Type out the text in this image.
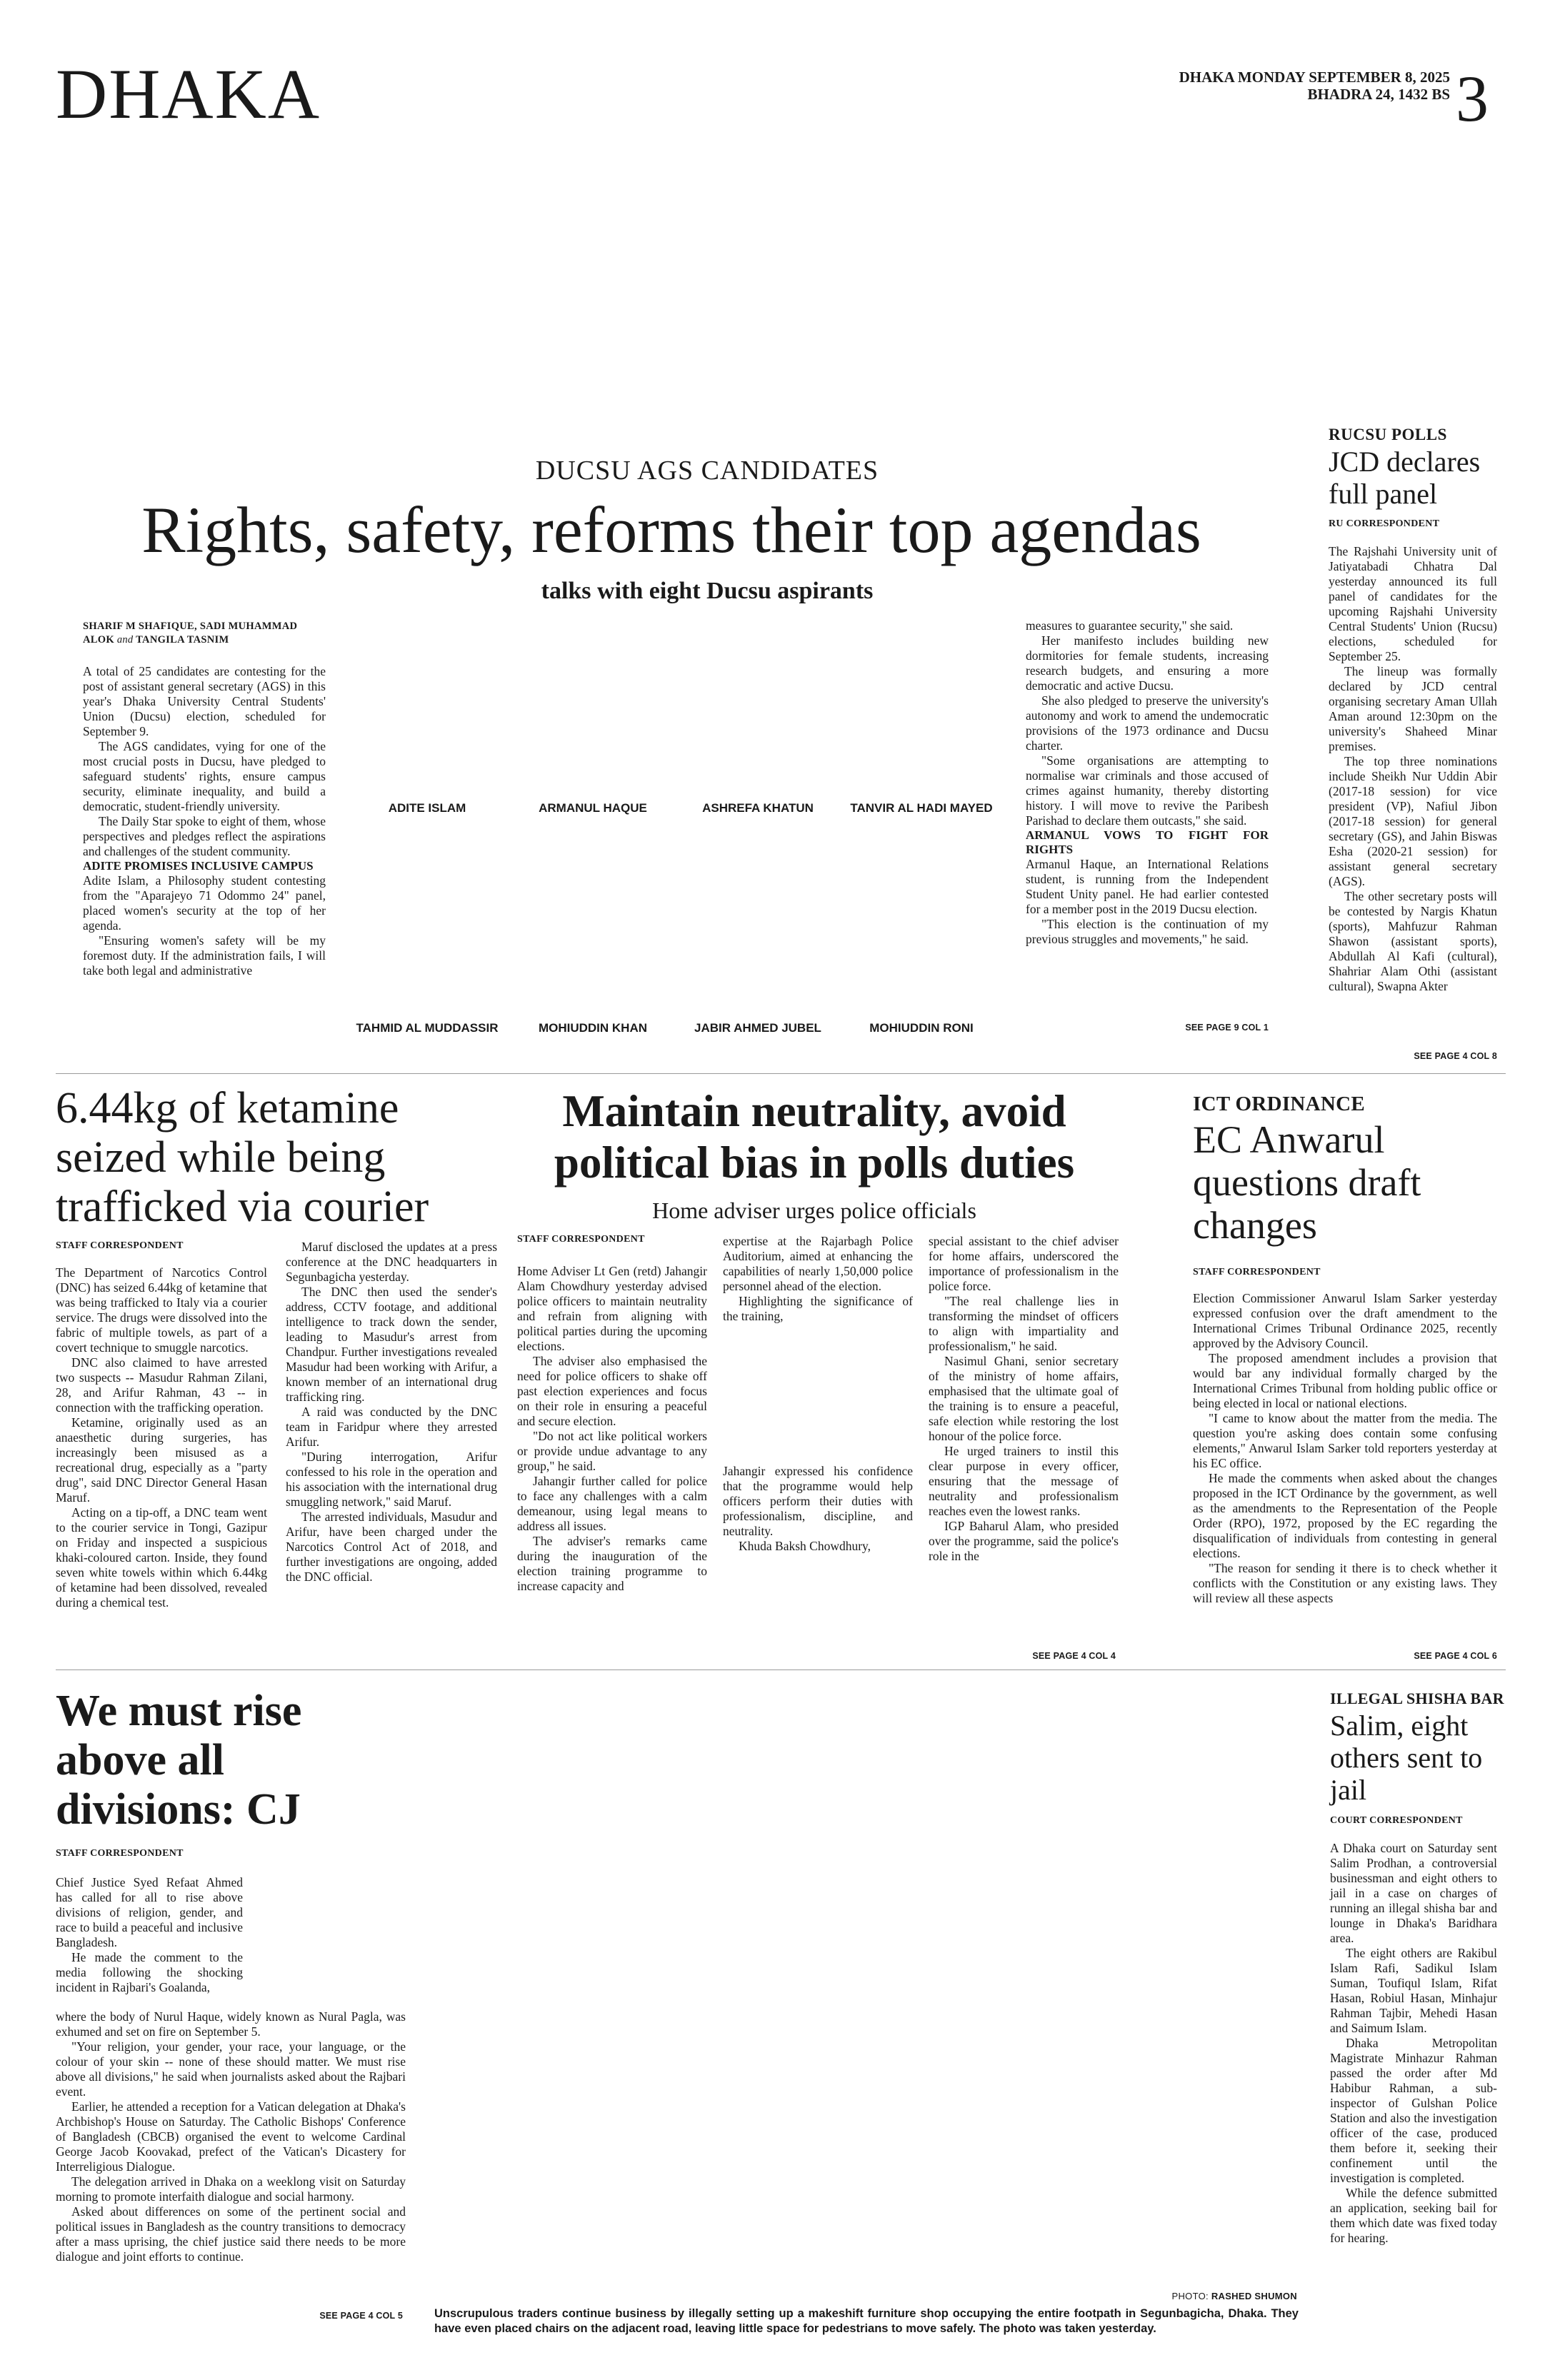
DHAKA	DHAKA MONDAY SEPTEMBER 8, 2025
BHADRA 24, 1432 BS 3
DUCSU AGS CANDIDATES
Rights, safety, reforms their top agendas
talks with eight Ducsu aspirants
SHARIF M SHAFIQUE, SADI MUHAMMAD
ALOK and TANGILA TASNIM

A total of 25 candidates are contesting for the post of assistant general secretary (AGS) in this year's Dhaka University Central Students' Union (Ducsu) election, scheduled for September 9.

The AGS candidates, vying for one of the most crucial posts in Ducsu, have pledged to safeguard students' rights, ensure campus security, eliminate inequality, and build a democratic, student-friendly university.

The Daily Star spoke to eight of them, whose perspectives and pledges reflect the aspirations and challenges of the student community.

ADITE PROMISES INCLUSIVE CAMPUS

Adite Islam, a Philosophy student contesting from the "Aparajeyo 71 Odommo 24" panel, placed women's security at the top of her agenda.

"Ensuring women's safety will be my foremost duty. If the administration fails, I will take both legal and administrative

ADITE ISLAM	ARMANUL HAQUE	ASHREFA KHATUN	TANVIR AL HADI MAYED
TAHMID AL MUDDASSIR	MOHIUDDIN KHAN	JABIR AHMED JUBEL	MOHIUDDIN RONI

measures to guarantee security," she said.

Her manifesto includes building new dormitories for female students, increasing research budgets, and ensuring a more democratic and active Ducsu.

She also pledged to preserve the university's autonomy and work to amend the undemocratic provisions of the 1973 ordinance and Ducsu charter.

"Some organisations are attempting to normalise war criminals and those accused of crimes against humanity, thereby distorting history. I will move to revive the Paribesh Parishad to declare them outcasts," she said.

ARMANUL VOWS TO FIGHT FOR RIGHTS

Armanul Haque, an International Relations student, is running from the Independent Student Unity panel. He had earlier contested for a member post in the 2019 Ducsu election.

"This election is the continuation of my previous struggles and movements," he said.

SEE PAGE 9 COL 1
RUCSU POLLS
JCD declares full panel
RU CORRESPONDENT

The Rajshahi University unit of Jatiyatabadi Chhatra Dal yesterday announced its full panel of candidates for the upcoming Rajshahi University Central Students' Union (Rucsu) elections, scheduled for September 25.

The lineup was formally declared by JCD central organising secretary Aman Ullah Aman around 12:30pm on the university's Shaheed Minar premises.

The top three nominations include Sheikh Nur Uddin Abir (2017-18 session) for vice president (VP), Nafiul Jibon (2017-18 session) for general secretary (GS), and Jahin Biswas Esha (2020-21 session) for assistant general secretary (AGS).

The other secretary posts will be contested by Nargis Khatun (sports), Mahfuzur Rahman Shawon (assistant sports), Abdullah Al Kafi (cultural), Shahriar Alam Othi (assistant cultural), Swapna Akter

SEE PAGE 4 COL 8
6.44kg of ketamine seized while being trafficked via courier
STAFF CORRESPONDENT

The Department of Narcotics Control (DNC) has seized 6.44kg of ketamine that was being trafficked to Italy via a courier service. The drugs were dissolved into the fabric of multiple towels, as part of a covert technique to smuggle narcotics.

DNC also claimed to have arrested two suspects -- Masudur Rahman Zilani, 28, and Arifur Rahman, 43 -- in connection with the trafficking operation.

Ketamine, originally used as an anaesthetic during surgeries, has increasingly been misused as a recreational drug, especially as a "party drug", said DNC Director General Hasan Maruf.

Acting on a tip-off, a DNC team went to the courier service in Tongi, Gazipur on Friday and inspected a suspicious khaki-coloured carton. Inside, they found seven white towels within which 6.44kg of ketamine had been dissolved, revealed during a chemical test.

Maruf disclosed the updates at a press conference at the DNC headquarters in Segunbagicha yesterday.

The DNC then used the sender's address, CCTV footage, and additional intelligence to track down the sender, leading to Masudur's arrest from Chandpur. Further investigations revealed Masudur had been working with Arifur, a known member of an international drug trafficking ring.

A raid was conducted by the DNC team in Faridpur where they arrested Arifur.

"During interrogation, Arifur confessed to his role in the operation and his association with the international drug smuggling network," said Maruf.

The arrested individuals, Masudur and Arifur, have been charged under the Narcotics Control Act of 2018, and further investigations are ongoing, added the DNC official.

Maintain neutrality, avoid political bias in polls duties
Home adviser urges police officials
STAFF CORRESPONDENT

Home Adviser Lt Gen (retd) Jahangir Alam Chowdhury yesterday advised police officers to maintain neutrality and refrain from aligning with political parties during the upcoming elections.

The adviser also emphasised the need for police officers to shake off past election experiences and focus on their role in ensuring a peaceful and secure election.

"Do not act like political workers or provide undue advantage to any group," he said.

Jahangir further called for police to face any challenges with a calm demeanour, using legal means to address all issues.

The adviser's remarks came during the inauguration of the election training programme to increase capacity and

expertise at the Rajarbagh Police Auditorium, aimed at enhancing the capabilities of nearly 1,50,000 police personnel ahead of the election.

Highlighting the significance of the training,

Jahangir expressed his confidence that the programme would help officers perform their duties with professionalism, discipline, and neutrality.

Khuda Baksh Chowdhury,

special assistant to the chief adviser for home affairs, underscored the importance of professionalism in the police force.

"The real challenge lies in transforming the mindset of officers to align with impartiality and professionalism," he said.

Nasimul Ghani, senior secretary of the ministry of home affairs, emphasised that the ultimate goal of the training is to ensure a peaceful, safe election while restoring the lost honour of the police force.

He urged trainers to instil this clear purpose in every officer, ensuring that the message of neutrality and professionalism reaches even the lowest ranks.

IGP Baharul Alam, who presided over the programme, said the police's role in the

SEE PAGE 4 COL 4
ICT ORDINANCE
EC Anwarul questions draft changes
STAFF CORRESPONDENT

Election Commissioner Anwarul Islam Sarker yesterday expressed confusion over the draft amendment to the International Crimes Tribunal Ordinance 2025, recently approved by the Advisory Council.

The proposed amendment includes a provision that would bar any individual formally charged by the International Crimes Tribunal from holding public office or being elected in local or national elections.

"I came to know about the matter from the media. The question you're asking does contain some confusing elements," Anwarul Islam Sarker told reporters yesterday at his EC office.

He made the comments when asked about the changes proposed in the ICT Ordinance by the government, as well as the amendments to the Representation of the People Order (RPO), 1972, proposed by the EC regarding the disqualification of individuals from contesting in general elections.

"The reason for sending it there is to check whether it conflicts with the Constitution or any existing laws. They will review all these aspects

SEE PAGE 4 COL 6
We must rise above all divisions: CJ
STAFF CORRESPONDENT

Chief Justice Syed Refaat Ahmed has called for all to rise above divisions of religion, gender, and race to build a peaceful and inclusive Bangladesh.

He made the comment to the media following the shocking incident in Rajbari's Goalanda,

where the body of Nurul Haque, widely known as Nural Pagla, was exhumed and set on fire on September 5.

"Your religion, your gender, your race, your language, or the colour of your skin -- none of these should matter. We must rise above all divisions," he said when journalists asked about the Rajbari event.

Earlier, he attended a reception for a Vatican delegation at Dhaka's Archbishop's House on Saturday. The Catholic Bishops' Conference of Bangladesh (CBCB) organised the event to welcome Cardinal George Jacob Koovakad, prefect of the Vatican's Dicastery for Interreligious Dialogue.

The delegation arrived in Dhaka on a weeklong visit on Saturday morning to promote interfaith dialogue and social harmony.

Asked about differences on some of the pertinent social and political issues in Bangladesh as the country transitions to democracy after a mass uprising, the chief justice said there needs to be more dialogue and joint efforts to continue.

SEE PAGE 4 COL 5
PHOTO: RASHED SHUMON
Unscrupulous traders continue business by illegally setting up a makeshift furniture shop occupying the entire footpath in Segunbagicha, Dhaka. They have even placed chairs on the adjacent road, leaving little space for pedestrians to move safely. The photo was taken yesterday.
ILLEGAL SHISHA BAR
Salim, eight others sent to jail
COURT CORRESPONDENT

A Dhaka court on Saturday sent Salim Prodhan, a controversial businessman and eight others to jail in a case on charges of running an illegal shisha bar and lounge in Dhaka's Baridhara area.

The eight others are Rakibul Islam Rafi, Sadikul Islam Suman, Toufiqul Islam, Rifat Hasan, Robiul Hasan, Minhajur Rahman Tajbir, Mehedi Hasan and Saimum Islam.

Dhaka Metropolitan Magistrate Minhazur Rahman passed the order after Md Habibur Rahman, a sub-inspector of Gulshan Police Station and also the investigation officer of the case, produced them before it, seeking their confinement until the investigation is completed.

While the defence submitted an application, seeking bail for them which date was fixed today for hearing.
